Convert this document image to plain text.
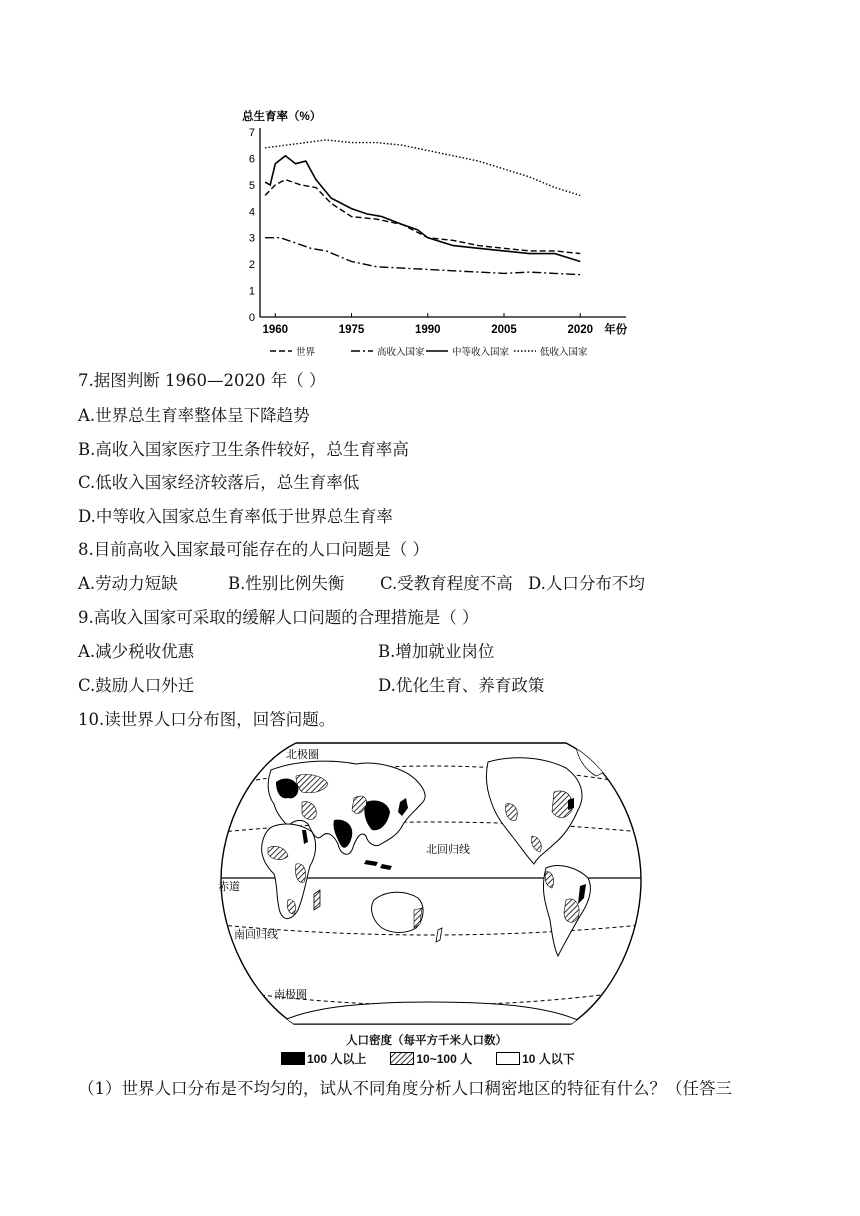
总生育率（%）
0
1
2
3
4
5
6
7
1960	1975	1990	2005	2020 年份
世界	高收入国家	中等收入国家	低收入国家
7.据图判断 1960—2020 年（ ）
A.世界总生育率整体呈下降趋势
B.高收入国家医疗卫生条件较好，总生育率高
C.低收入国家经济较落后，总生育率低
D.中等收入国家总生育率低于世界总生育率
8.目前高收入国家最可能存在的人口问题是（ ）
A.劳动力短缺	B.性别比例失衡 C.受教育程度不高 D.人口分布不均
9.高收入国家可采取的缓解人口问题的合理措施是（ ）
A.减少税收优惠	B.增加就业岗位
C.鼓励人口外迁	D.优化生育、养育政策
10.读世界人口分布图，回答问题。
北极圈
北回归线
赤道
南回归线
南极圈
人口密度（每平方千米人口数）
100 人以上	10~100 人	10 人以下
（1）世界人口分布是不均匀的，试从不同角度分析人口稠密地区的特征有什么？（任答三
